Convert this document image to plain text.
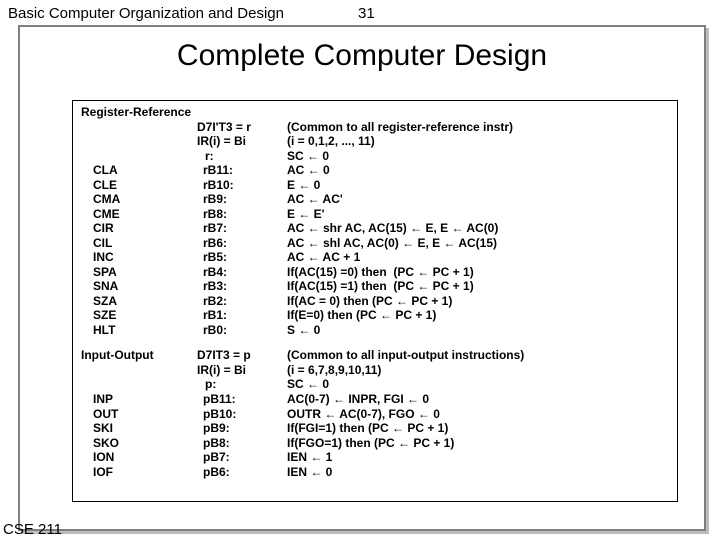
Basic Computer Organization and Design	31
Complete Computer Design
Register-Reference
D7I'T3 = r
IR(i) = Bi
r:
(Common to all register-reference instr)
(i = 0,1,2, ..., 11)
SC ← 0
CLA
CLE
CMA
CME
CIR
CIL
INC
SPA
SNA
SZA
SZE
HLT
rB11:
rB10:
rB9:
rB8:
rB7:
rB6:
rB5:
rB4:
rB3:
rB2:
rB1:
rB0:
AC ← 0
E ← 0
AC ← AC'
E ← E'
AC ← shr AC, AC(15) ← E, E ← AC(0)
AC ← shl AC, AC(0) ← E, E ← AC(15)
AC ← AC + 1
If(AC(15) =0) then  (PC ← PC + 1)
If(AC(15) =1) then  (PC ← PC + 1)
If(AC = 0) then (PC ← PC + 1)
If(E=0) then (PC ← PC + 1)
S ← 0
Input-Output	D7IT3 = p
IR(i) = Bi
p:
(Common to all input-output instructions)
(i = 6,7,8,9,10,11)
SC ← 0
INP
OUT
SKI
SKO
ION
IOF
pB11:
pB10:
pB9:
pB8:
pB7:
pB6:
AC(0-7) ← INPR, FGI ← 0
OUTR ← AC(0-7), FGO ← 0
If(FGI=1) then (PC ← PC + 1)
If(FGO=1) then (PC ← PC + 1)
IEN ← 1
IEN ← 0
CSE 211
